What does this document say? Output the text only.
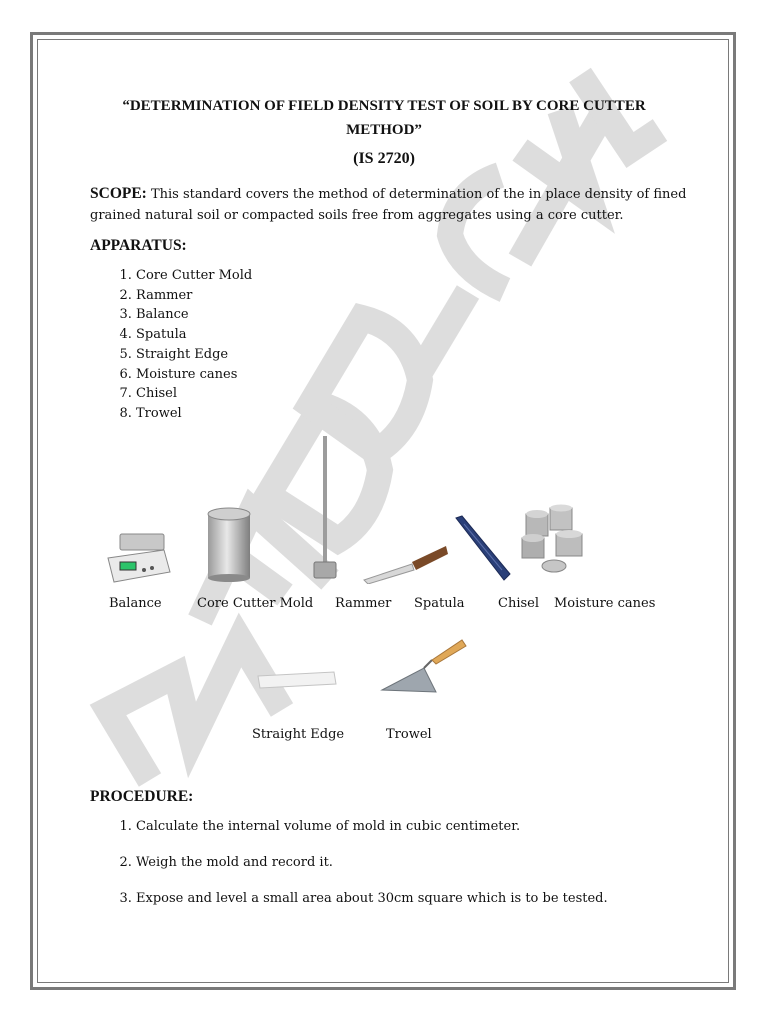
“DETERMINATION OF FIELD DENSITY TEST OF SOIL BY CORE CUTTER METHOD”
(IS 2720)
SCOPE: This standard covers the method of determination of the in place density of fined grained natural soil or compacted soils free from aggregates using a core cutter.
APPARATUS:
1. Core Cutter Mold
2. Rammer
3. Balance
4. Spatula
5. Straight Edge
6. Moisture canes
7. Chisel
8. Trowel
Balance	Core Cutter Mold Rammer Spatula	Chisel Moisture canes
Straight Edge	Trowel
PROCEDURE:
1. Calculate the internal volume of mold in cubic centimeter.
2. Weigh the mold and record it.
3. Expose and level a small area about 30cm square which is to be tested.
